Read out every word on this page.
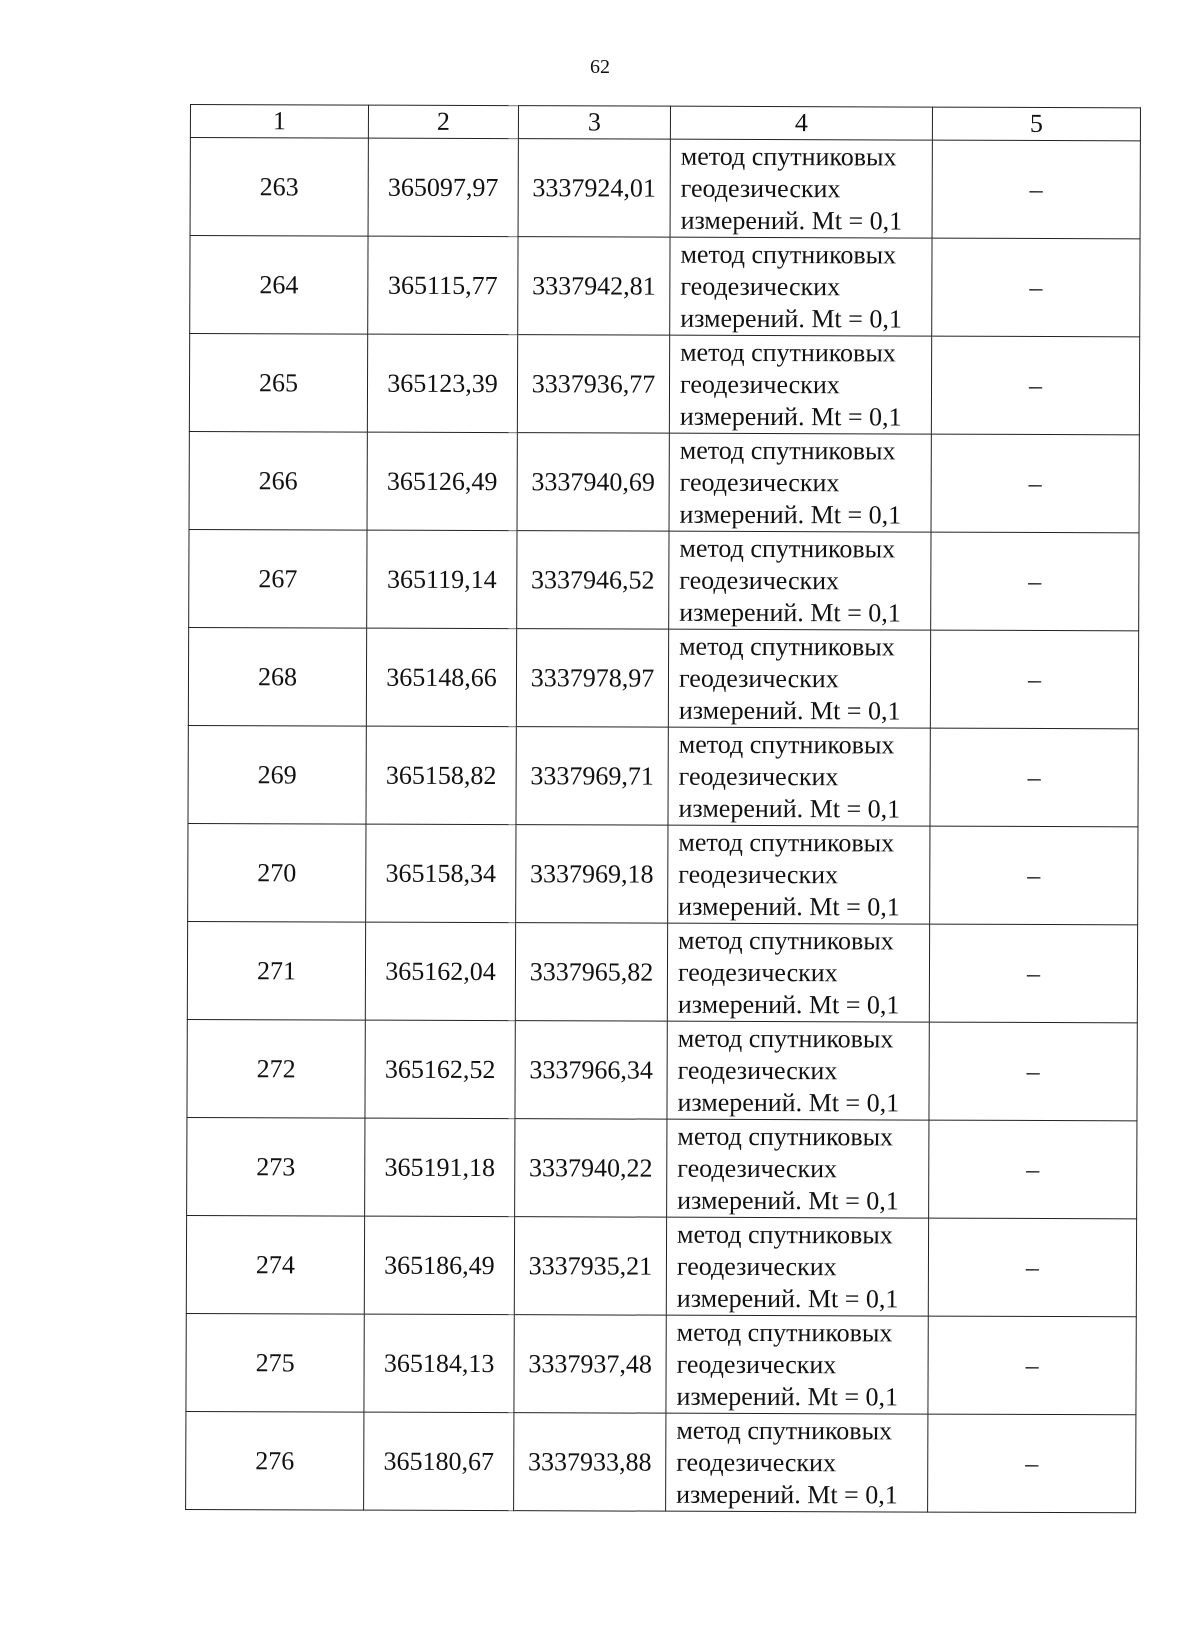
62
1	2	3	4	5
263	365097,97	3337924,01	метод спутниковых
геодезических
измерений. Mt = 0,1	–
264	365115,77	3337942,81	метод спутниковых
геодезических
измерений. Mt = 0,1	–
265	365123,39	3337936,77	метод спутниковых
геодезических
измерений. Mt = 0,1	–
266	365126,49	3337940,69	метод спутниковых
геодезических
измерений. Mt = 0,1	–
267	365119,14	3337946,52	метод спутниковых
геодезических
измерений. Mt = 0,1	–
268	365148,66	3337978,97	метод спутниковых
геодезических
измерений. Mt = 0,1	–
269	365158,82	3337969,71	метод спутниковых
геодезических
измерений. Mt = 0,1	–
270	365158,34	3337969,18	метод спутниковых
геодезических
измерений. Mt = 0,1	–
271	365162,04	3337965,82	метод спутниковых
геодезических
измерений. Mt = 0,1	–
272	365162,52	3337966,34	метод спутниковых
геодезических
измерений. Mt = 0,1	–
273	365191,18	3337940,22	метод спутниковых
геодезических
измерений. Mt = 0,1	–
274	365186,49	3337935,21	метод спутниковых
геодезических
измерений. Mt = 0,1	–
275	365184,13	3337937,48	метод спутниковых
геодезических
измерений. Mt = 0,1	–
276	365180,67	3337933,88	метод спутниковых
геодезических
измерений. Mt = 0,1	–
